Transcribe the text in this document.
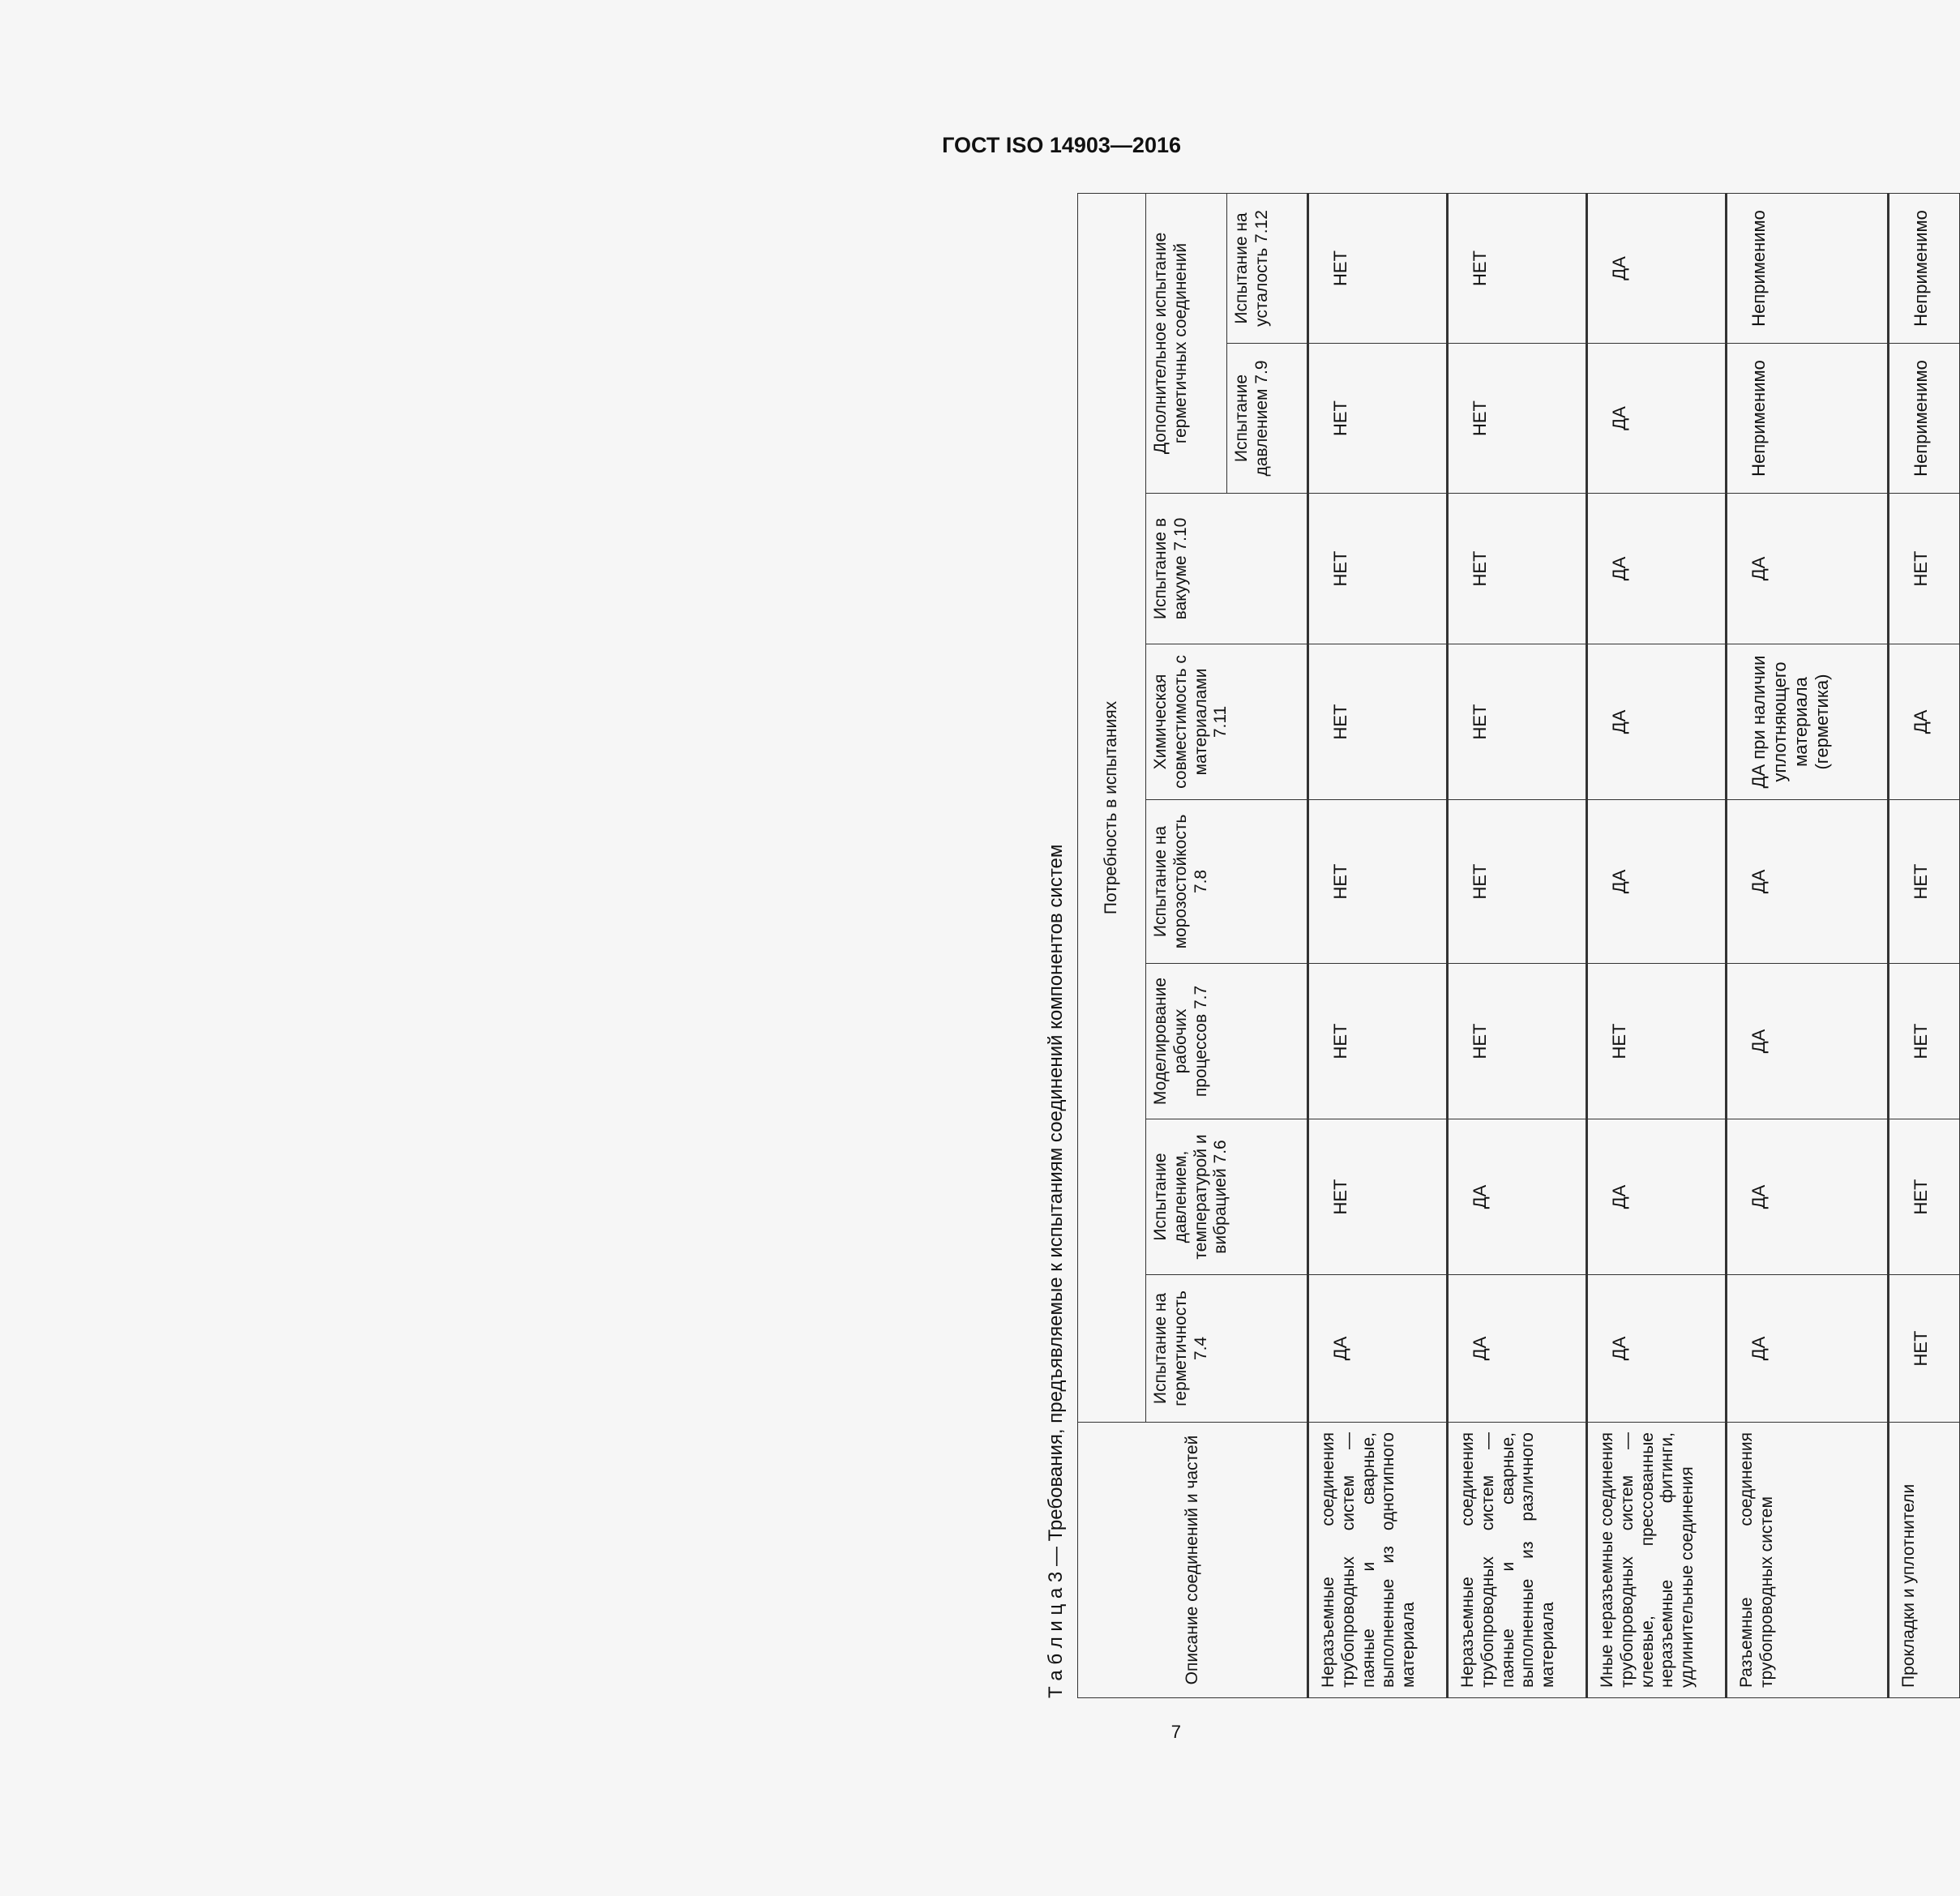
ГОСТ ISO 14903—2016
Т а б л и ц а 3 — Требования, предъявляемые к испытаниям соединений компонентов систем	Описание соединений и частей	Потребность в испытаниях							
	Испытание на герметичность 7.4	Испытание давлением, температурой и вибрацией 7.6	Моделирование рабочих процессов 7.7	Испытание на морозостойкость 7.8	Химическая совместимость с материалами 7.11	Испытание в вакууме 7.10	Дополнительное испытание герметичных соединений	
							Испытание давлением 7.9	Испытание на усталость 7.12
Неразъемные соединения трубопроводных систем — паяные и сварные, выполненные из однотипного материала	ДА	НЕТ	НЕТ	НЕТ	НЕТ	НЕТ	НЕТ	НЕТ
Неразъемные соединения трубопроводных систем — паяные и сварные, выполненные из различного материала	ДА	ДА	НЕТ	НЕТ	НЕТ	НЕТ	НЕТ	НЕТ
Иные неразъемные соединения трубопроводных систем — клеевые, прессованные неразъемные фитинги, удлинительные соединения	ДА	ДА	НЕТ	ДА	ДА	ДА	ДА	ДА
Разъемные соединения трубопроводных систем	ДА	ДА	ДА	ДА	ДА при наличии уплотняющего материала (герметика)	ДА	Неприменимо	Неприменимо
Прокладки и уплотнители	НЕТ	НЕТ	НЕТ	НЕТ	ДА	НЕТ	Неприменимо	Неприменимо
7
